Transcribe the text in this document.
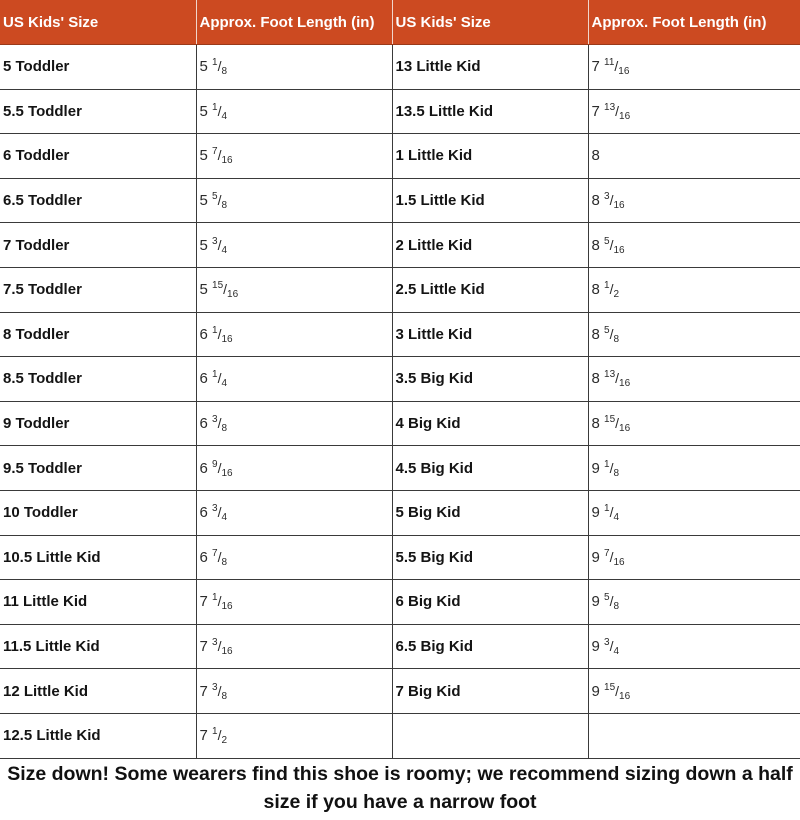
US Kids' Size	Approx. Foot Length (in)	US Kids' Size	Approx. Foot Length (in)
5 Toddler	5 $^1/_8$	13 Little Kid	7 $^{11}/_{16}$
5.5 Toddler	5 $^1/_4$	13.5 Little Kid	7 $^{13}/_{16}$
6 Toddler	5 $^7/_{16}$	1 Little Kid	8
6.5 Toddler	5 $^5/_8$	1.5 Little Kid	8 $^3/_{16}$
7 Toddler	5 $^3/_4$	2 Little Kid	8 $^5/_{16}$
7.5 Toddler	5 $^{15}/_{16}$	2.5 Little Kid	8 $^1/_2$
8 Toddler	6 $^1/_{16}$	3 Little Kid	8 $^5/_8$
8.5 Toddler	6 $^1/_4$	3.5 Big Kid	8 $^{13}/_{16}$
9 Toddler	6 $^3/_8$	4 Big Kid	8 $^{15}/_{16}$
9.5 Toddler	6 $^9/_{16}$	4.5 Big Kid	9 $^1/_8$
10 Toddler	6 $^3/_4$	5 Big Kid	9 $^1/_4$
10.5 Little Kid	6 $^7/_8$	5.5 Big Kid	9 $^7/_{16}$
11 Little Kid	7 $^1/_{16}$	6 Big Kid	9 $^5/_8$
11.5 Little Kid	7 $^3/_{16}$	6.5 Big Kid	9 $^3/_4$
12 Little Kid	7 $^3/_8$	7 Big Kid	9 $^{15}/_{16}$
12.5 Little Kid	7 $^1/_2$		
Size down! Some wearers find this shoe is roomy; we recommend sizing down a half size if you have a narrow foot
